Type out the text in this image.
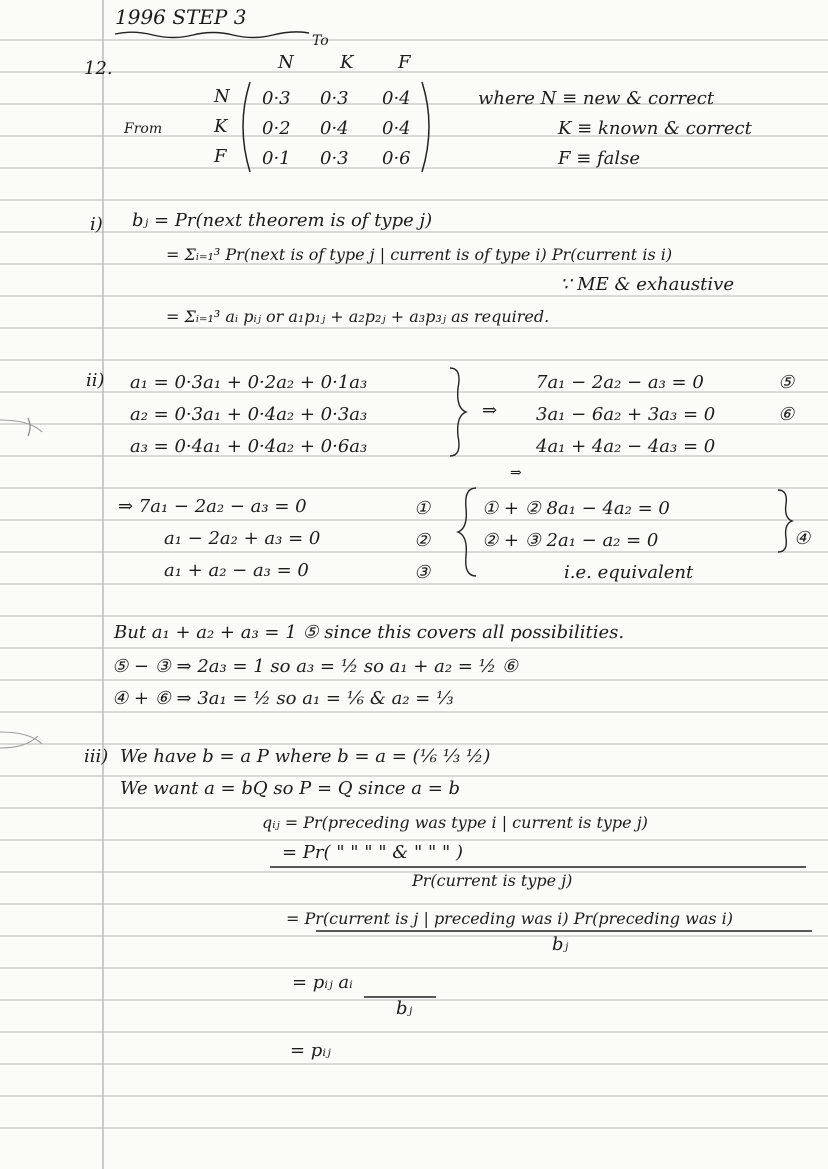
1996 STEP 3
12.
To
N	K F
From
N
K
F
0·3 0·3 0·4
0·2 0·4 0·4
0·1 0·3 0·6
where N ≡ new & correct
K ≡ known & correct
F ≡ false
i) bⱼ = Pr(next theorem is of type j)
= Σᵢ₌₁³ Pr(next is of type j | current is of type i) Pr(current is i)
∵ ME & exhaustive
= Σᵢ₌₁³ aᵢ pᵢⱼ or a₁p₁ⱼ + a₂p₂ⱼ + a₃p₃ⱼ as required.
ii) a₁ = 0·3a₁ + 0·2a₂ + 0·1a₃
a₂ = 0·3a₁ + 0·4a₂ + 0·3a₃
a₃ = 0·4a₁ + 0·4a₂ + 0·6a₃
⇒
7a₁ − 2a₂ − a₃ = 0
3a₁ − 6a₂ + 3a₃ = 0
4a₁ + 4a₂ − 4a₃ = 0
⑤
⑥
⇒
⇒ 7a₁ − 2a₂ − a₃ = 0
a₁ − 2a₂ + a₃ = 0
a₁ + a₂ − a₃ = 0
①
②
③
① + ② 8a₁ − 4a₂ = 0
② + ③ 2a₁ − a₂ = 0	④
i.e. equivalent
But a₁ + a₂ + a₃ = 1 ⑤ since this covers all possibilities.
⑤ − ③ ⇒ 2a₃ = 1 so a₃ = ½ so a₁ + a₂ = ½ ⑥
④ + ⑥ ⇒ 3a₁ = ½ so a₁ = ⅙ & a₂ = ⅓
iii) We have b = a P where b = a = (⅙ ⅓ ½)
We want a = bQ so P = Q since a = b
qᵢⱼ = Pr(preceding was type i | current is type j)
= Pr( " " " " & " " " )
Pr(current is type j)
= Pr(current is j | preceding was i) Pr(preceding was i)
bⱼ
= pᵢⱼ aᵢ
bⱼ
= pᵢⱼ
